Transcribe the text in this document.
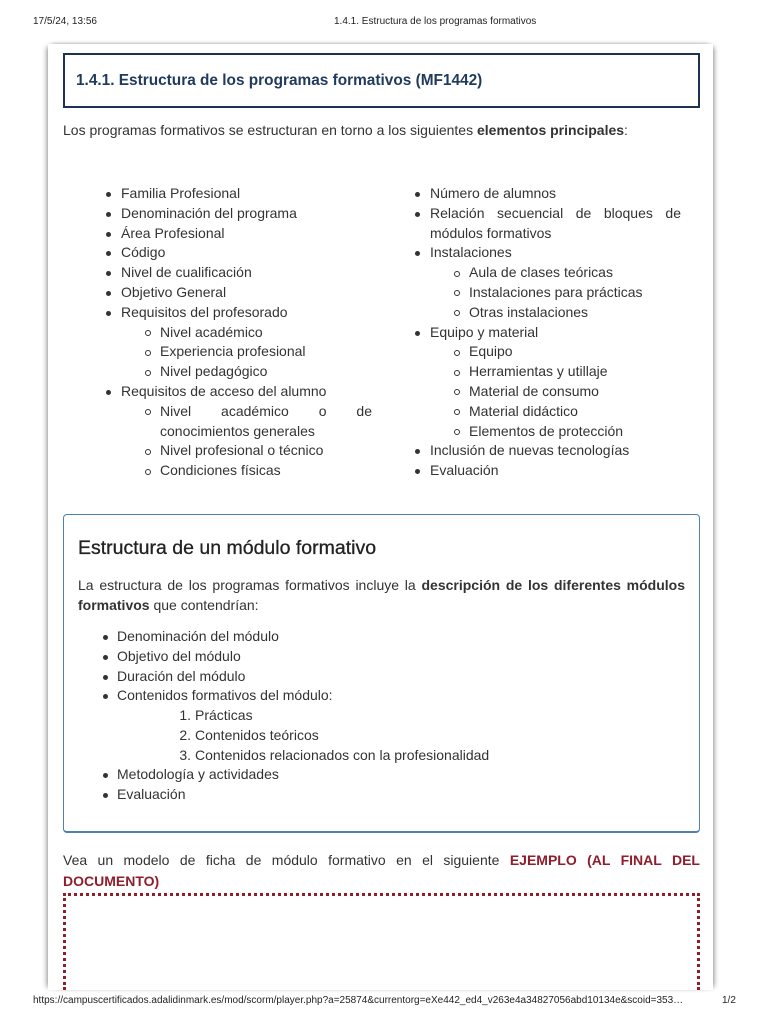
17/5/24, 13:56	1.4.1. Estructura de los programas formativos
1.4.1. Estructura de los programas formativos (MF1442)

Los programas formativos se estructuran en torno a los siguientes elementos principales:

Familia Profesional
Denominación del programa
Área Profesional
Código
Nivel de cualificación
Objetivo General
Requisitos del profesorado
Nivel académico
Experiencia profesional
Nivel pedagógico
Requisitos de acceso del alumno
Nivel académico o de conocimientos generales
Nivel profesional o técnico
Condiciones físicas
Número de alumnos
Relación secuencial de bloques de módulos formativos
Instalaciones
Aula de clases teóricas
Instalaciones para prácticas
Otras instalaciones
Equipo y material
Equipo
Herramientas y utillaje
Material de consumo
Material didáctico
Elementos de protección
Inclusión de nuevas tecnologías
Evaluación
Estructura de un módulo formativo

La estructura de los programas formativos incluye la descripción de los diferentes módulos formativos que contendrían:

Denominación del módulo
Objetivo del módulo
Duración del módulo
Contenidos formativos del módulo:
1. Prácticas
2. Contenidos teóricos
3. Contenidos relacionados con la profesionalidad
Metodología y actividades
Evaluación

Vea un modelo de ficha de módulo formativo en el siguiente EJEMPLO (AL FINAL DEL DOCUMENTO)

https://campuscertificados.adalidinmark.es/mod/scorm/player.php?a=25874&currentorg=eXe442_ed4_v263e4a34827056abd10134e&scoid=353…	1/2
